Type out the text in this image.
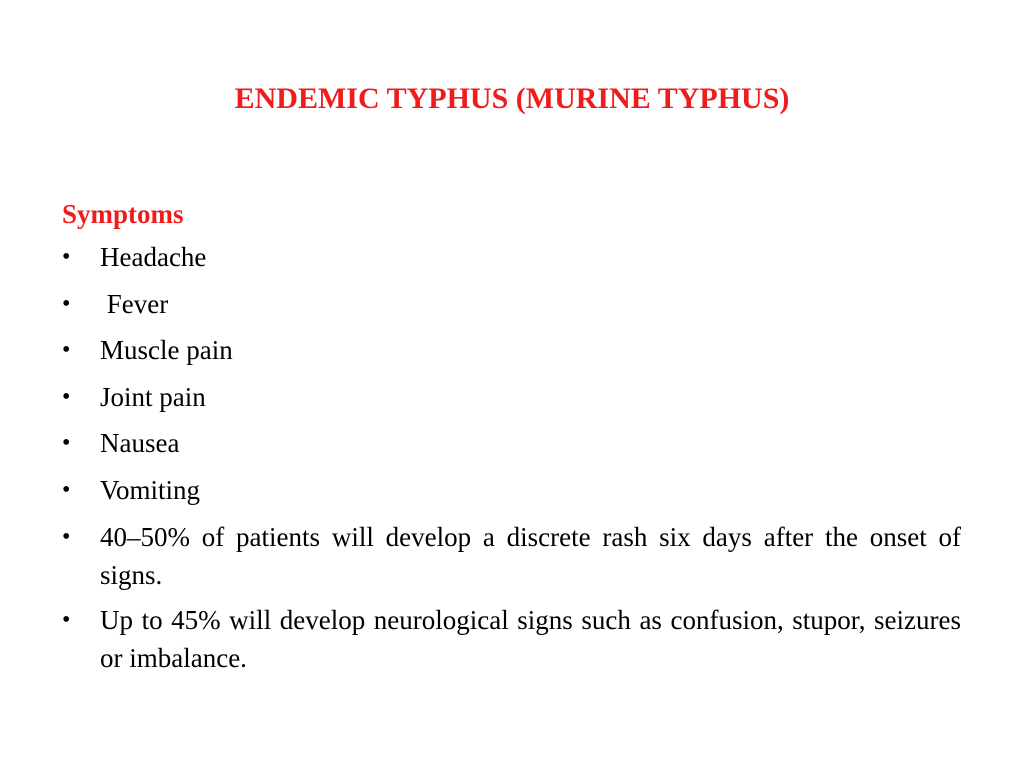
ENDEMIC TYPHUS (MURINE TYPHUS)
Symptoms
•	Headache
•	Fever
•	Muscle pain
•	Joint pain
•	Nausea
•	Vomiting
•	40–50% of patients will develop a discrete rash six days after the onset of signs.
•	Up to 45% will develop neurological signs such as confusion, stupor, seizures or imbalance.
